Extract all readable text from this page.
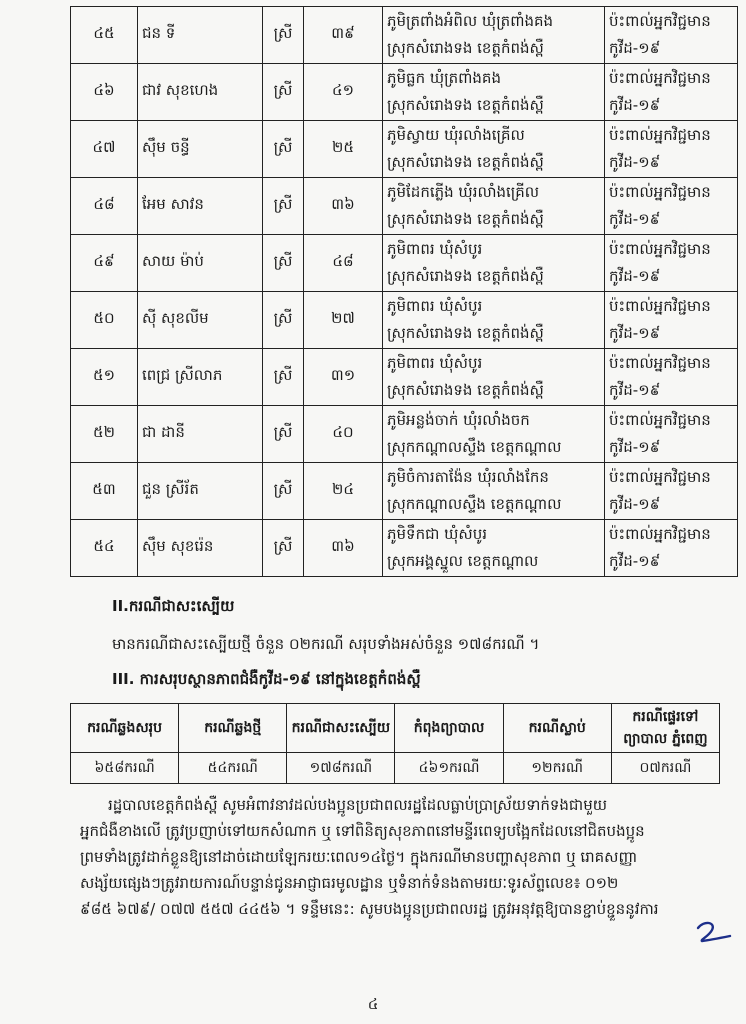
៤៥	ជន ទី	ស្រី	៣៩	ភូមិត្រពាំងអំពិល ឃុំត្រពាំងគង
ស្រុកសំរោងទង ខេត្តកំពង់ស្ពឺ	ប៉ះពាល់អ្នកវិជ្ជមាន
កូវីដ-១៩

៤៦	ជាវ សុខហេង	ស្រី	៤១	ភូមិធ្លក ឃុំត្រពាំងគង
ស្រុកសំរោងទង ខេត្តកំពង់ស្ពឺ	ប៉ះពាល់អ្នកវិជ្ជមាន
កូវីដ-១៩

៤៧	ស៊ឹម ចន្ធី	ស្រី	២៥	ភូមិស្វាយ ឃុំរលាំងគ្រើល
ស្រុកសំរោងទង ខេត្តកំពង់ស្ពឺ	ប៉ះពាល់អ្នកវិជ្ជមាន
កូវីដ-១៩

៤៨	អែម សាវន	ស្រី	៣៦	ភូមិដែកភ្លើង ឃុំរលាំងគ្រើល
ស្រុកសំរោងទង ខេត្តកំពង់ស្ពឺ	ប៉ះពាល់អ្នកវិជ្ជមាន
កូវីដ-១៩

៤៩	សាយ ម៉ាប់	ស្រី	៤៨	ភូមិពាពរ ឃុំសំបូរ
ស្រុកសំរោងទង ខេត្តកំពង់ស្ពឺ	ប៉ះពាល់អ្នកវិជ្ជមាន
កូវីដ-១៩

៥០	ស៊ី សុខលីម	ស្រី	២៧	ភូមិពាពរ ឃុំសំបូរ
ស្រុកសំរោងទង ខេត្តកំពង់ស្ពឺ	ប៉ះពាល់អ្នកវិជ្ជមាន
កូវីដ-១៩

៥១	ពេជ្រ ស្រីលាភ	ស្រី	៣១	ភូមិពាពរ ឃុំសំបូរ
ស្រុកសំរោងទង ខេត្តកំពង់ស្ពឺ	ប៉ះពាល់អ្នកវិជ្ជមាន
កូវីដ-១៩

៥២	ជា ដានី	ស្រី	៤០	ភូមិអន្លង់ចាក់ ឃុំរលាំងចក
ស្រុកកណ្ដាលស្ទឹង ខេត្តកណ្ដាល	ប៉ះពាល់អ្នកវិជ្ជមាន
កូវីដ-១៩

៥៣	ជួន ស្រីរ័ត	ស្រី	២៤	ភូមិចំការតាង៉ែន ឃុំរលាំងកែន
ស្រុកកណ្ដាលស្ទឹង ខេត្តកណ្ដាល	ប៉ះពាល់អ្នកវិជ្ជមាន
កូវីដ-១៩

៥៤	ស៊ឹម សុខរ៉េន	ស្រី	៣៦	ភូមិទឹកជា ឃុំសំបូរ
ស្រុកអង្គស្នួល ខេត្តកណ្ដាល	ប៉ះពាល់អ្នកវិជ្ជមាន
កូវីដ-១៩
II.ករណីជាសះស្បើយ
មានករណីជាសះស្បើយថ្មី ចំនួន ០២ករណី សរុបទាំងអស់ចំនួន ១៧៨ករណី ។
III. ការសរុបស្ថានភាពជំងឺកូវីដ-១៩ នៅក្នុងខេត្តកំពង់ស្ពឺ
ករណីឆ្លងសរុប	ករណីឆ្លងថ្មី	ករណីជាសះស្បើយ	កំពុងព្យាបាល	ករណីស្លាប់	ករណីផ្ទេរទៅ ព្យាបាល ភ្នំពេញ
៦៥៨ករណី	៥៤ករណី	១៧៨ករណី	៤៦១ករណី	១២ករណី	០៧ករណី
រដ្ឋបាលខេត្តកំពង់ស្ពឺ សូមអំពាវនាវដល់បងប្អូនប្រជាពលរដ្ឋដែលធ្លាប់ប្រាស្រ័យទាក់ទងជាមួយ
អ្នកជំងឺខាងលើ ត្រូវប្រញាប់ទៅយកសំណាក ឬ ទៅពិនិត្យសុខភាពនៅមន្ទីរពេទ្យបង្អែកដែលនៅជិតបងប្អូន
ព្រមទាំងត្រូវដាក់ខ្លួនឱ្យនៅដាច់ដោយឡែករយៈពេល១៤ថ្ងៃ។ ក្នុងករណីមានបញ្ហាសុខភាព ឬ រោគសញ្ញា
សង្ស័យផ្សេងៗត្រូវរាយការណ៍បន្ទាន់ជូនអាជ្ញាធរមូលដ្ឋាន ឬទំនាក់ទំនងតាមរយៈទូរស័ព្ទលេខ៖ ០១២
៩៨៥ ៦៧៩/ ០៧៧ ៥៥៧ ៤៤៥៦ ។ ទន្ទឹមនេះ: សូមបងប្អូនប្រជាពលរដ្ឋ ត្រូវអនុវត្តឱ្យបានខ្ជាប់ខ្ជួននូវការ
៤
